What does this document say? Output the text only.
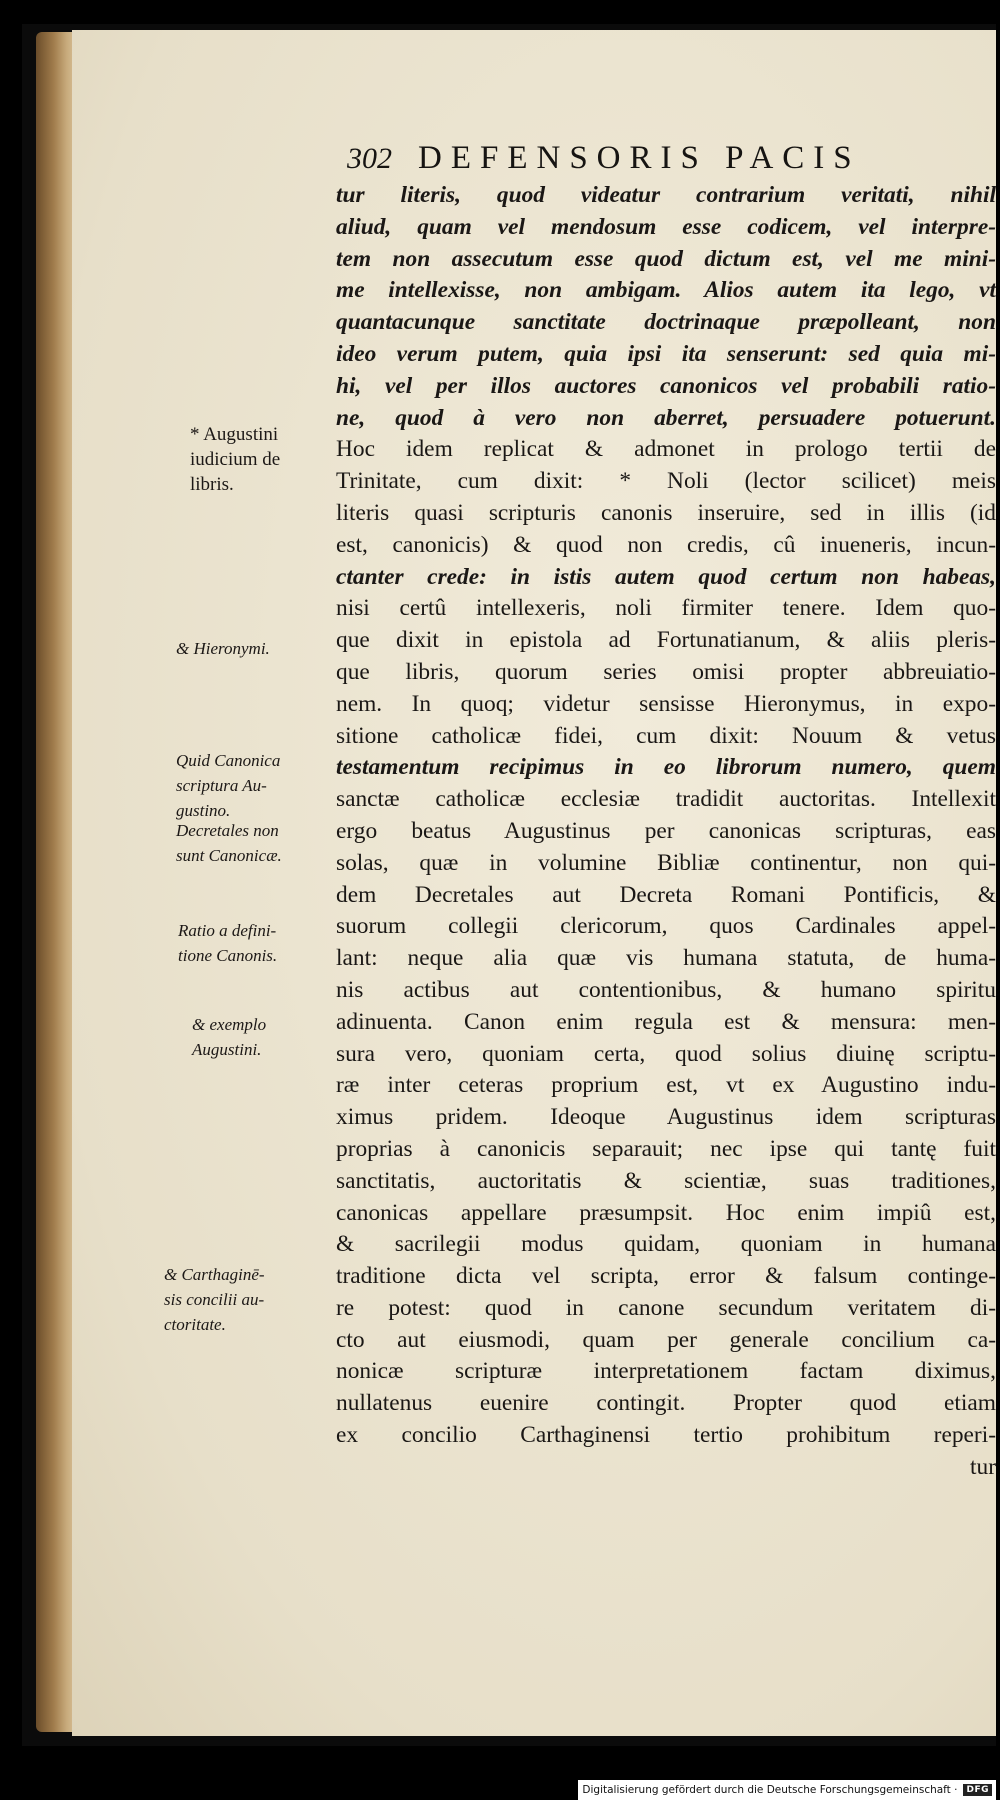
302 DEFENSORIS PACIS
tur literis, quod videatur contrarium veritati, nihil
aliud, quam vel mendosum esse codicem, vel interpre-
tem non assecutum esse quod dictum est, vel me mini-
me intellexisse, non ambigam. Alios autem ita lego, vt
quantacunque sanctitate doctrinaque præpolleant, non
ideo verum putem, quia ipsi ita senserunt: sed quia mi-
hi, vel per illos auctores canonicos vel probabili ratio-
ne, quod à vero non aberret, persuadere potuerunt.
Hoc idem replicat & admonet in prologo tertii de
Trinitate, cum dixit: * Noli (lector scilicet) meis
literis quasi scripturis canonis inseruire, sed in illis (id
est, canonicis) & quod non credis, cû inueneris, incun-
ctanter crede: in istis autem quod certum non habeas,
nisi certû intellexeris, noli firmiter tenere. Idem quo-
que dixit in epistola ad Fortunatianum, & aliis pleris-
que libris, quorum series omisi propter abbreuiatio-
nem. In quoq; videtur sensisse Hieronymus, in expo-
sitione catholicæ fidei, cum dixit: Nouum & vetus
testamentum recipimus in eo librorum numero, quem
sanctæ catholicæ ecclesiæ tradidit auctoritas. Intellexit
ergo beatus Augustinus per canonicas scripturas, eas
solas, quæ in volumine Bibliæ continentur, non qui-
dem Decretales aut Decreta Romani Pontificis, &
suorum collegii clericorum, quos Cardinales appel-
lant: neque alia quæ vis humana statuta, de huma-
nis actibus aut contentionibus, & humano spiritu
adinuenta. Canon enim regula est & mensura: men-
sura vero, quoniam certa, quod solius diuinę scriptu-
ræ inter ceteras proprium est, vt ex Augustino indu-
ximus pridem. Ideoque Augustinus idem scripturas
proprias à canonicis separauit; nec ipse qui tantę fuit
sanctitatis, auctoritatis & scientiæ, suas traditiones,
canonicas appellare præsumpsit. Hoc enim impiû est,
& sacrilegii modus quidam, quoniam in humana
traditione dicta vel scripta, error & falsum continge-
re potest: quod in canone secundum veritatem di-
cto aut eiusmodi, quam per generale concilium ca-
nonicæ scripturæ interpretationem factam diximus,
nullatenus euenire contingit. Propter quod etiam
ex concilio Carthaginensi tertio prohibitum reperi-
tur
* Augustini
iudicium de
libris.
& Hieronymi.
Quid Canonica
scriptura Au-
gustino.
Decretales non
sunt Canonicæ.
Ratio a defini-
tione Canonis.
& exemplo
Augustini.
& Carthaginē-
sis concilii au-
ctoritate.
Digitalisierung gefördert durch die Deutsche Forschungsgemeinschaft ·	DFG
